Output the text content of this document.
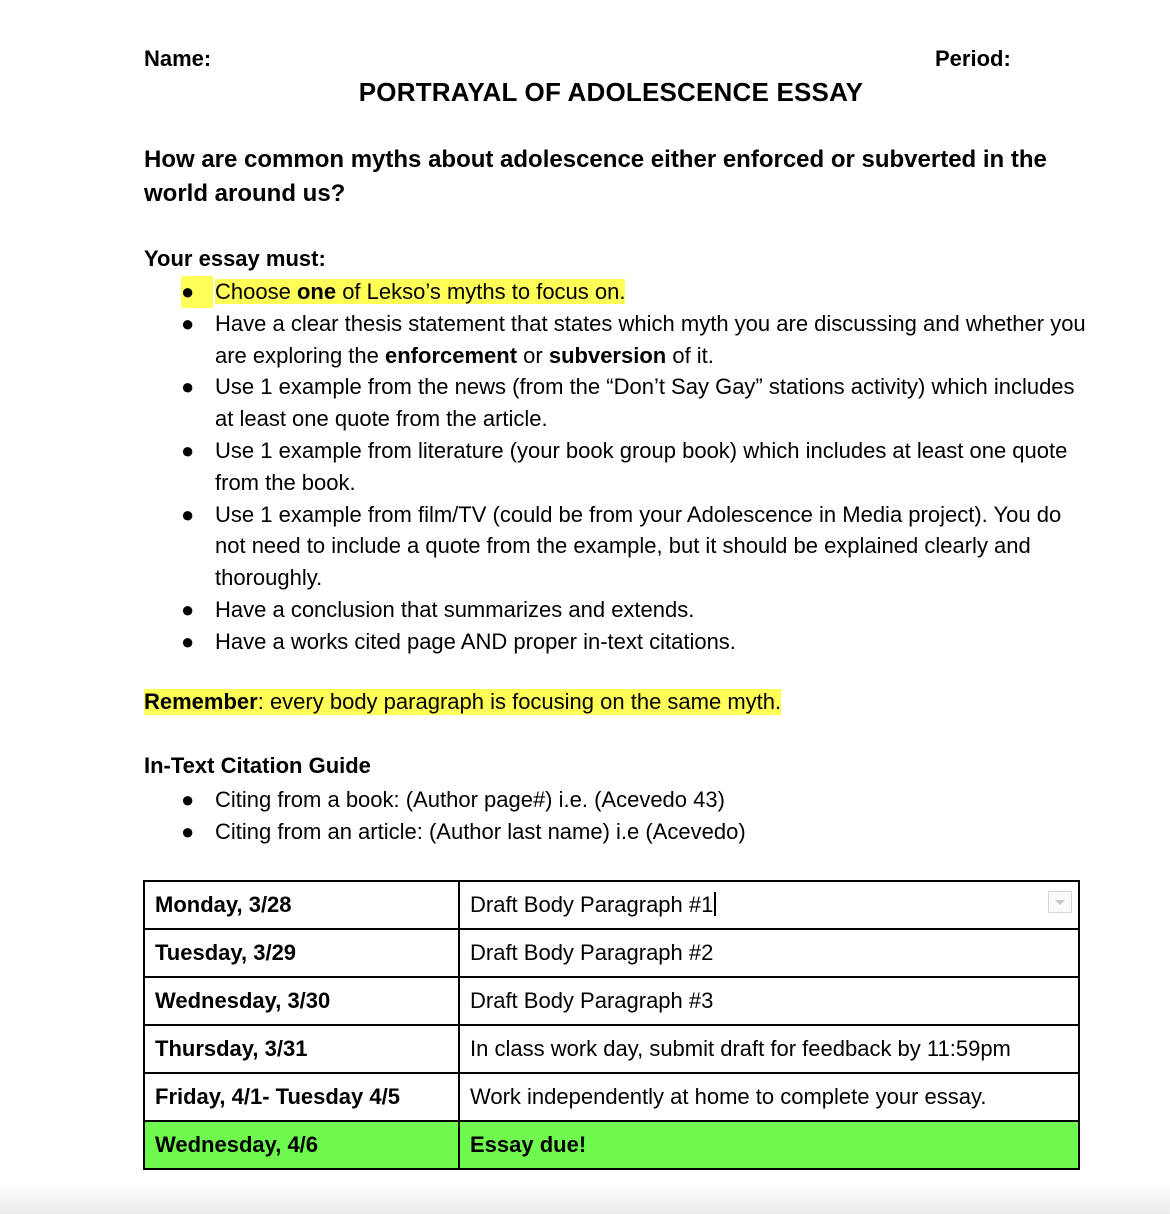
Name:	Period:
PORTRAYAL OF ADOLESCENCE ESSAY
How are common myths about adolescence either enforced or subverted in the world around us?
Your essay must:
● Choose one of Lekso’s myths to focus on.
● Have a clear thesis statement that states which myth you are discussing and whether you are exploring the enforcement or subversion of it.
● Use 1 example from the news (from the “Don’t Say Gay” stations activity) which includes at least one quote from the article.
● Use 1 example from literature (your book group book) which includes at least one quote from the book.
● Use 1 example from film/TV (could be from your Adolescence in Media project). You do not need to include a quote from the example, but it should be explained clearly and thoroughly.
● Have a conclusion that summarizes and extends.
● Have a works cited page AND proper in-text citations.
Remember: every body paragraph is focusing on the same myth.
In-Text Citation Guide
● Citing from a book: (Author page#) i.e. (Acevedo 43)
● Citing from an article: (Author last name) i.e (Acevedo)
Monday, 3/28	Draft Body Paragraph #1

Tuesday, 3/29	Draft Body Paragraph #2
Wednesday, 3/30	Draft Body Paragraph #3
Thursday, 3/31	In class work day, submit draft for feedback by 11:59pm
Friday, 4/1- Tuesday 4/5	Work independently at home to complete your essay.
Wednesday, 4/6	Essay due!
